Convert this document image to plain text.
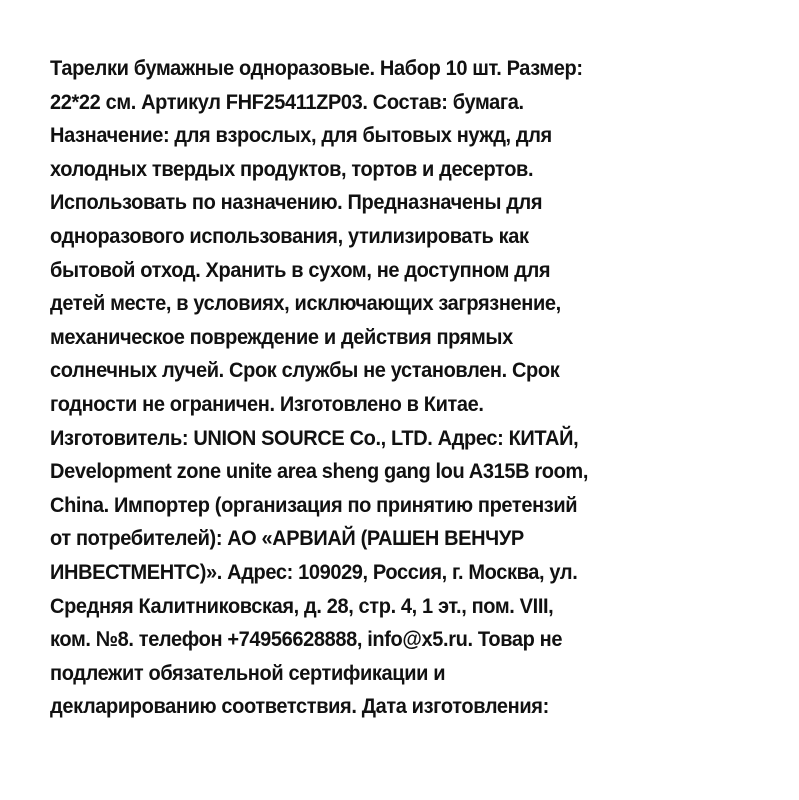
Тарелки бумажные одноразовые. Набор 10 шт. Размер:
22*22 см. Артикул FHF25411ZP03. Состав: бумага.
Назначение: для взрослых, для бытовых нужд, для
холодных твердых продуктов, тортов и десертов.
Использовать по назначению. Предназначены для
одноразового использования, утилизировать как
бытовой отход. Хранить в сухом, не доступном для
детей месте, в условиях, исключающих загрязнение,
механическое повреждение и действия прямых
солнечных лучей. Срок службы не установлен. Срок
годности не ограничен. Изготовлено в Китае.
Изготовитель: UNION SOURCE Co., LTD. Адрес: КИТАЙ,
Development zone unite area sheng gang lou A315B room,
China. Импортер (организация по принятию претензий
от потребителей): АО «АРВИАЙ (РАШЕН ВЕНЧУР
ИНВЕСТМЕНТС)». Адрес: 109029, Россия, г. Москва, ул.
Средняя Калитниковская, д. 28, стр. 4, 1 эт., пом. VIII,
ком. №8. телефон +74956628888, info@x5.ru. Товар не
подлежит обязательной сертификации и
декларированию соответствия. Дата изготовления:
